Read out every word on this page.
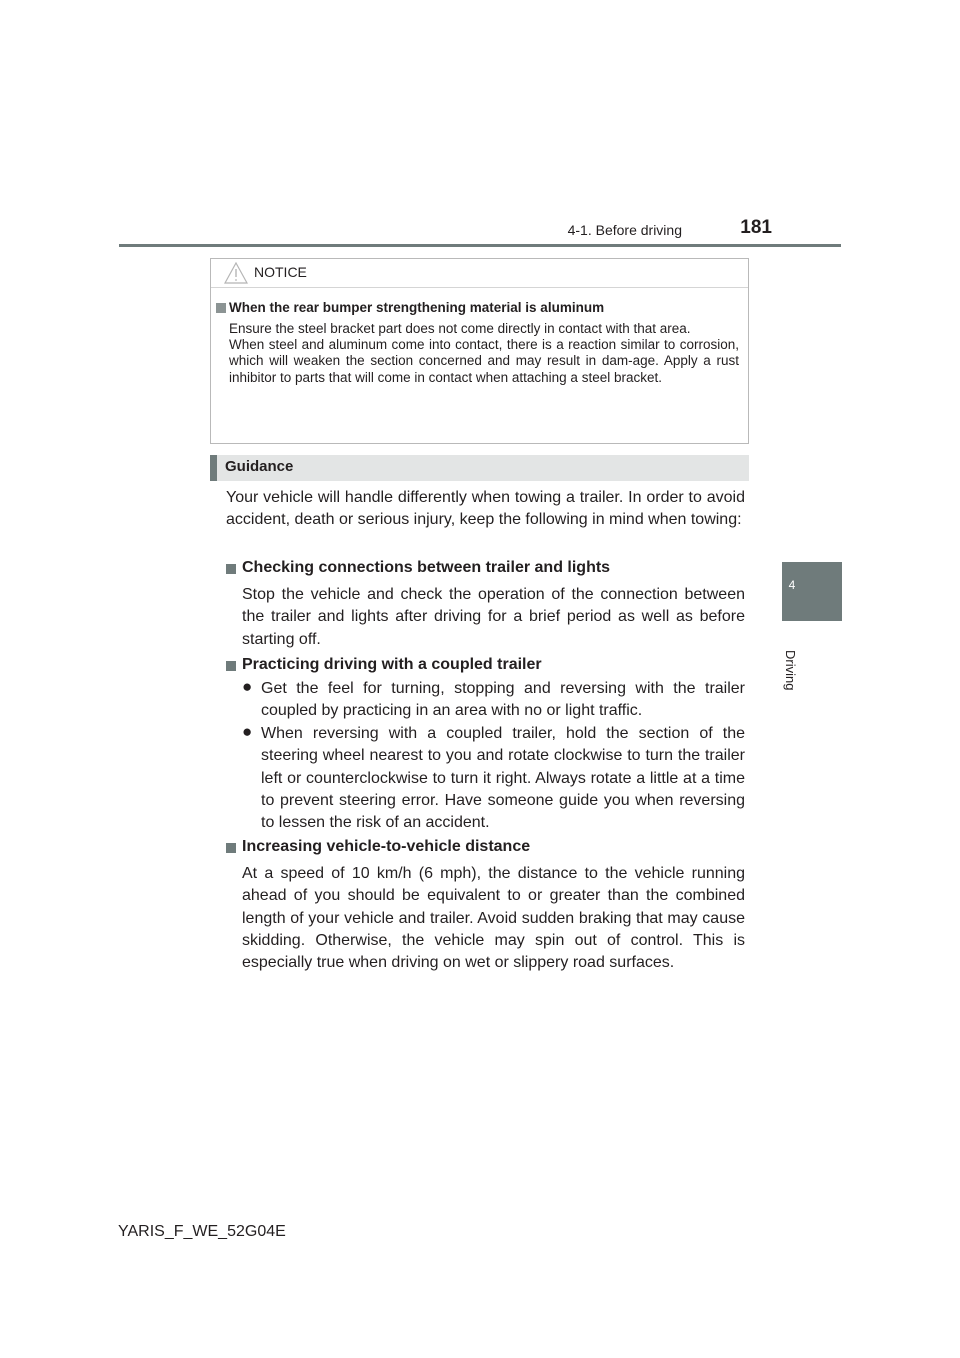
4-1. Before driving	181
4
Driving
NOTICE
When the rear bumper strengthening material is aluminum

Ensure the steel bracket part does not come directly in contact with that area.

When steel and aluminum come into contact, there is a reaction similar to corrosion, which will weaken the section concerned and may result in dam-age. Apply a rust inhibitor to parts that will come in contact when attaching a steel bracket.

Guidance

Your vehicle will handle differently when towing a trailer. In order to avoid accident, death or serious injury, keep the following in mind when towing:

Checking connections between trailer and lights

Stop the vehicle and check the operation of the connection between the trailer and lights after driving for a brief period as well as before starting off.

Practicing driving with a coupled trailer
● Get the feel for turning, stopping and reversing with the trailer coupled by practicing in an area with no or light traffic.

● When reversing with a coupled trailer, hold the section of the steering wheel nearest to you and rotate clockwise to turn the trailer left or counterclockwise to turn it right. Always rotate a little at a time to prevent steering error. Have someone guide you when reversing to lessen the risk of an accident.

Increasing vehicle-to-vehicle distance

At a speed of 10 km/h (6 mph), the distance to the vehicle running ahead of you should be equivalent to or greater than the combined length of your vehicle and trailer. Avoid sudden braking that may cause skidding. Otherwise, the vehicle may spin out of control. This is especially true when driving on wet or slippery road surfaces.

YARIS_F_WE_52G04E
